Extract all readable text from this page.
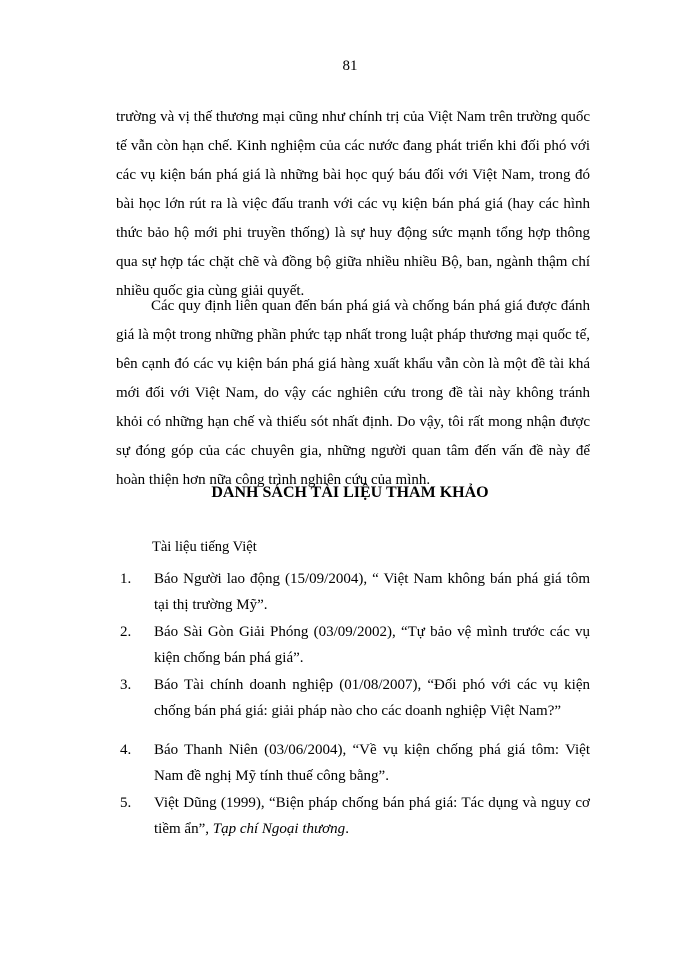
81

trường và vị thế thương mại cũng như chính trị của Việt Nam trên trường quốc tế vẫn còn hạn chế. Kinh nghiệm của các nước đang phát triển khi đối phó với các vụ kiện bán phá giá là những bài học quý báu đối với Việt Nam, trong đó bài học lớn rút ra là việc đấu tranh với các vụ kiện bán phá giá (hay các hình thức bảo hộ mới phi truyền thống) là sự huy động sức mạnh tổng hợp thông qua sự hợp tác chặt chẽ và đồng bộ giữa nhiều nhiều Bộ, ban, ngành thậm chí nhiều quốc gia cùng giải quyết.

Các quy định liên quan đến bán phá giá và chống bán phá giá được đánh giá là một trong những phần phức tạp nhất trong luật pháp thương mại quốc tế, bên cạnh đó các vụ kiện bán phá giá hàng xuất khẩu vẫn còn là một đề tài khá mới đối với Việt Nam, do vậy các nghiên cứu trong đề tài này không tránh khỏi có những hạn chế và thiếu sót nhất định. Do vậy, tôi rất mong nhận được sự đóng góp của các chuyên gia, những người quan tâm đến vấn đề này để hoàn thiện hơn nữa công trình nghiên cứu của mình.

DANH SÁCH TÀI LIỆU THAM KHẢO

Tài liệu tiếng Việt

1.	Báo Người lao động (15/09/2004), “ Việt Nam không bán phá giá tôm tại thị trường Mỹ”.
2.	Báo Sài Gòn Giải Phóng (03/09/2002), “Tự bảo vệ mình trước các vụ kiện chống bán phá giá”.
3.	Báo Tài chính doanh nghiệp (01/08/2007), “Đối phó với các vụ kiện chống bán phá giá: giải pháp nào cho các doanh nghiệp Việt Nam?”
4.	Báo Thanh Niên (03/06/2004), “Về vụ kiện chống phá giá tôm: Việt Nam đề nghị Mỹ tính thuế công bằng”.
5.	Việt Dũng (1999), “Biện pháp chống bán phá giá: Tác dụng và nguy cơ tiềm ẩn”, Tạp chí Ngoại thương.
